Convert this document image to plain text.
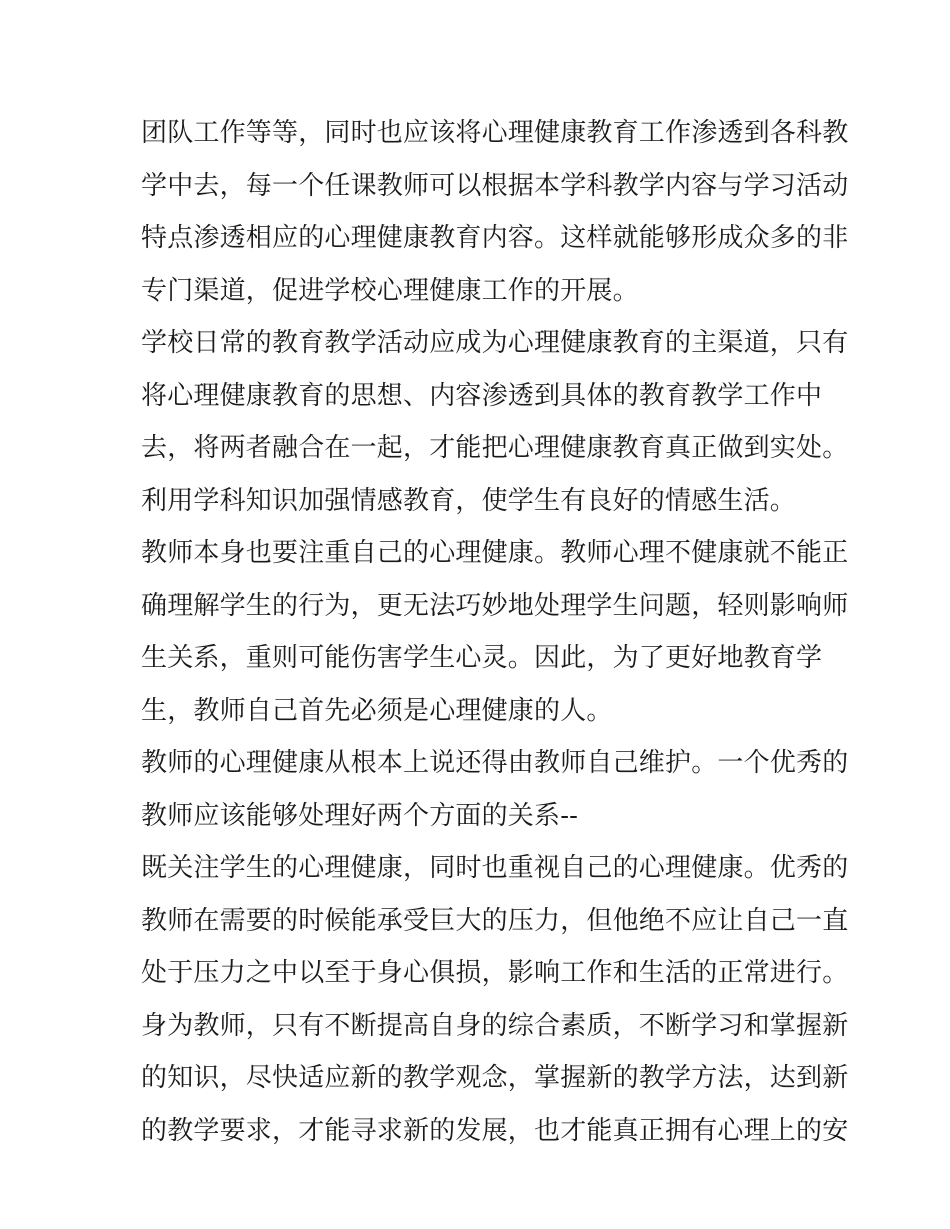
团队工作等等，同时也应该将心理健康教育工作渗透到各科教
学中去，每一个任课教师可以根据本学科教学内容与学习活动
特点渗透相应的心理健康教育内容。这样就能够形成众多的非
专门渠道，促进学校心理健康工作的开展。
学校日常的教育教学活动应成为心理健康教育的主渠道，只有
将心理健康教育的思想、内容渗透到具体的教育教学工作中
去，将两者融合在一起，才能把心理健康教育真正做到实处。
利用学科知识加强情感教育，使学生有良好的情感生活。
教师本身也要注重自己的心理健康。教师心理不健康就不能正
确理解学生的行为，更无法巧妙地处理学生问题，轻则影响师
生关系，重则可能伤害学生心灵。因此，为了更好地教育学
生，教师自己首先必须是心理健康的人。
教师的心理健康从根本上说还得由教师自己维护。一个优秀的
教师应该能够处理好两个方面的关系--
既关注学生的心理健康，同时也重视自己的心理健康。优秀的
教师在需要的时候能承受巨大的压力，但他绝不应让自己一直
处于压力之中以至于身心俱损，影响工作和生活的正常进行。
身为教师，只有不断提高自身的综合素质，不断学习和掌握新
的知识，尽快适应新的教学观念，掌握新的教学方法，达到新
的教学要求，才能寻求新的发展，也才能真正拥有心理上的安
